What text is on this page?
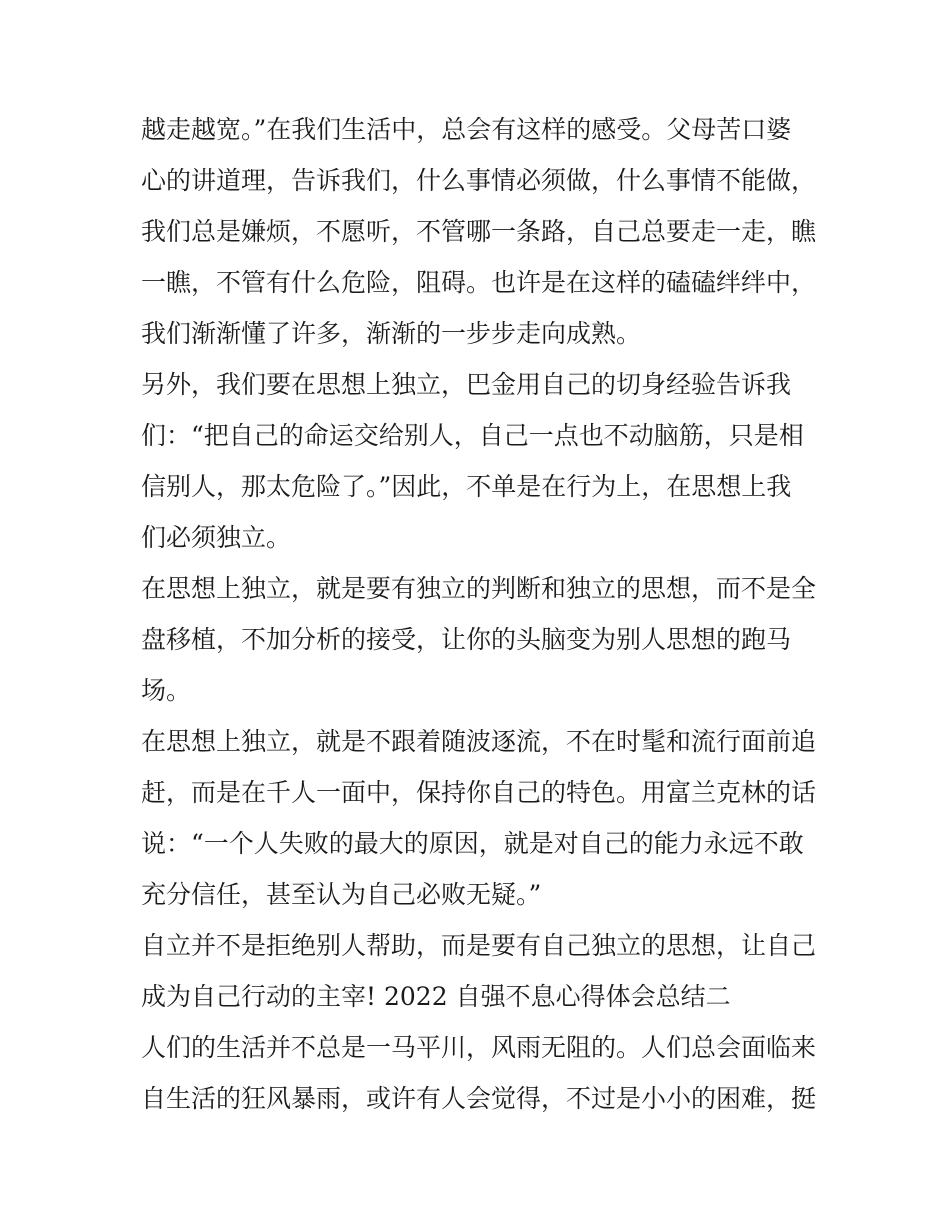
越走越宽。”在我们生活中，总会有这样的感受。父母苦口婆
心的讲道理，告诉我们，什么事情必须做，什么事情不能做，
我们总是嫌烦，不愿听，不管哪一条路，自己总要走一走，瞧
一瞧，不管有什么危险，阻碍。也许是在这样的磕磕绊绊中，
我们渐渐懂了许多，渐渐的一步步走向成熟。
另外，我们要在思想上独立，巴金用自己的切身经验告诉我
们：“把自己的命运交给别人，自己一点也不动脑筋，只是相
信别人，那太危险了。”因此，不单是在行为上，在思想上我
们必须独立。
在思想上独立，就是要有独立的判断和独立的思想，而不是全
盘移植，不加分析的接受，让你的头脑变为别人思想的跑马
场。
在思想上独立，就是不跟着随波逐流，不在时髦和流行面前追
赶，而是在千人一面中，保持你自己的特色。用富兰克林的话
说：“一个人失败的最大的原因，就是对自己的能力永远不敢
充分信任，甚至认为自己必败无疑。”
自立并不是拒绝别人帮助，而是要有自己独立的思想，让自己
成为自己行动的主宰! 2022 自强不息心得体会总结二
人们的生活并不总是一马平川，风雨无阻的。人们总会面临来
自生活的狂风暴雨，或许有人会觉得，不过是小小的困难，挺
